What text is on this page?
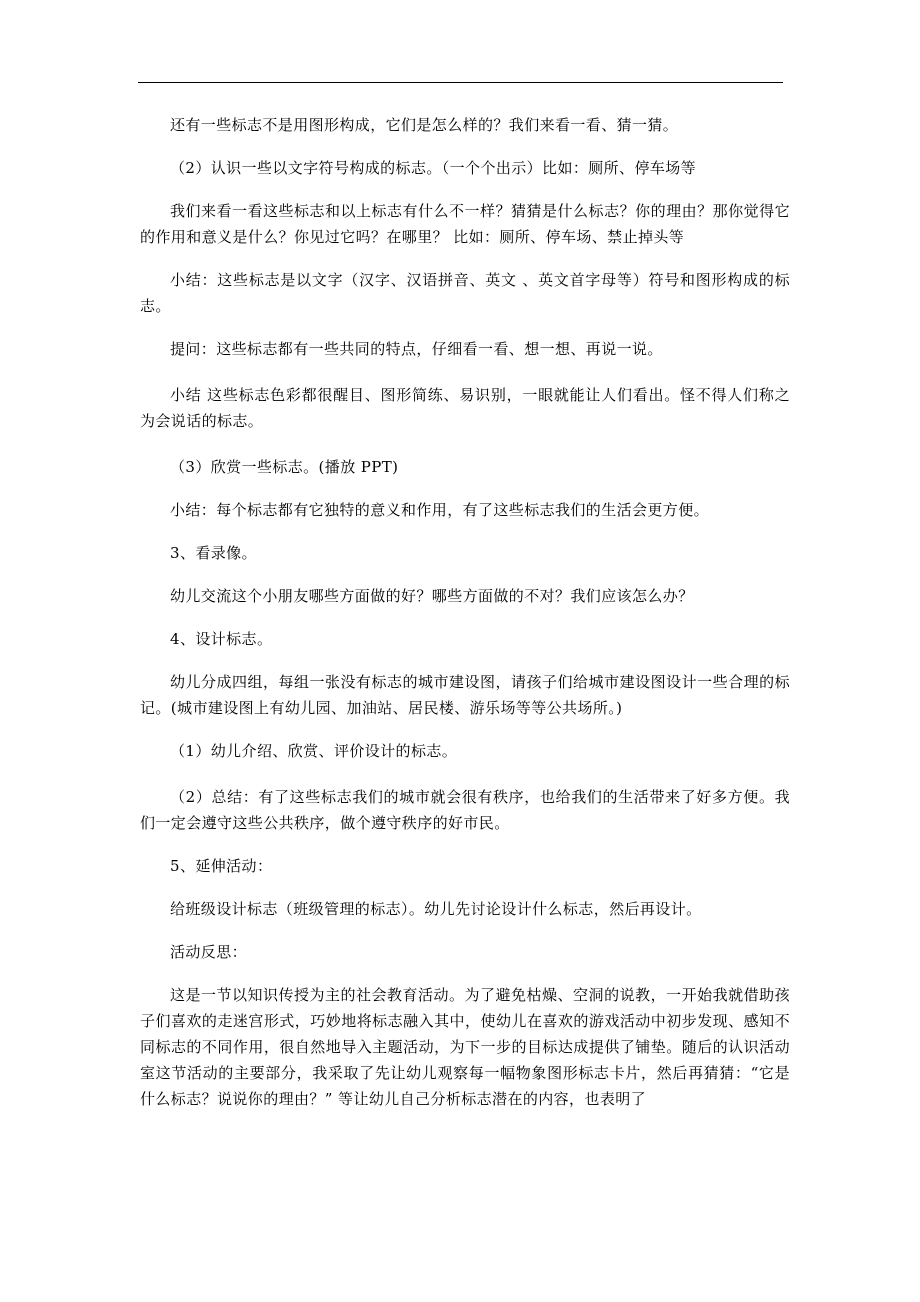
还有一些标志不是用图形构成，它们是怎么样的？我们来看一看、猜一猜。

（2）认识一些以文字符号构成的标志。（一个个出示）比如：厕所、停车场等

我们来看一看这些标志和以上标志有什么不一样？猜猜是什么标志？你的理由？那你觉得它的作用和意义是什么？你见过它吗？在哪里？ 比如：厕所、停车场、禁止掉头等

小结：这些标志是以文字（汉字、汉语拼音、英文 、英文首字母等）符号和图形构成的标志。

提问：这些标志都有一些共同的特点，仔细看一看、想一想、再说一说。

小结 这些标志色彩都很醒目、图形简练、易识别，一眼就能让人们看出。怪不得人们称之为会说话的标志。

（3）欣赏一些标志。(播放 PPT)

小结：每个标志都有它独特的意义和作用，有了这些标志我们的生活会更方便。

3、看录像。

幼儿交流这个小朋友哪些方面做的好？哪些方面做的不对？我们应该怎么办？

4、设计标志。

幼儿分成四组，每组一张没有标志的城市建设图，请孩子们给城市建设图设计一些合理的标记。(城市建设图上有幼儿园、加油站、居民楼、游乐场等等公共场所。)

（1）幼儿介绍、欣赏、评价设计的标志。

（2）总结：有了这些标志我们的城市就会很有秩序，也给我们的生活带来了好多方便。我们一定会遵守这些公共秩序，做个遵守秩序的好市民。

5、延伸活动：

给班级设计标志（班级管理的标志）。幼儿先讨论设计什么标志，然后再设计。

活动反思：

这是一节以知识传授为主的社会教育活动。为了避免枯燥、空洞的说教，一开始我就借助孩子们喜欢的走迷宫形式，巧妙地将标志融入其中，使幼儿在喜欢的游戏活动中初步发现、感知不同标志的不同作用，很自然地导入主题活动，为下一步的目标达成提供了铺垫。随后的认识活动室这节活动的主要部分，我采取了先让幼儿观察每一幅物象图形标志卡片，然后再猜猜：“它是什么标志？说说你的理由？” 等让幼儿自己分析标志潜在的内容，也表明了
